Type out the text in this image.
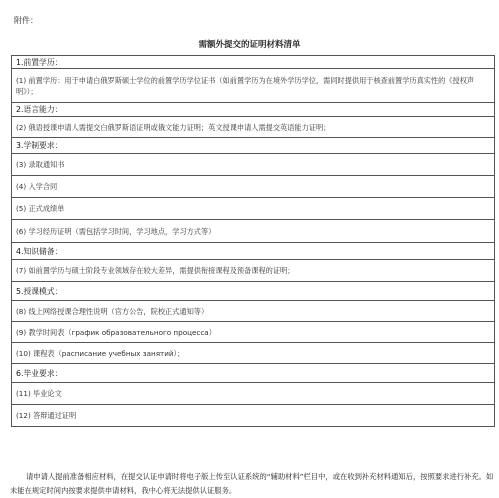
附件：
需额外提交的证明材料清单
1.前置学历：
(1) 前置学历：用于申请白俄罗斯硕士学位的前置学历学位证书（如前置学历为在境外学历学位，需同时提供用于核查前置学历真实性的《授权声明》）；
2.语言能力：
(2) 俄语授课申请人需提交白俄罗斯语证明或俄文能力证明；英文授课申请人需提交英语能力证明；
3.学制要求：
(3) 录取通知书
(4) 入学合同
(5) 正式成绩单
(6) 学习经历证明（需包括学习时间，学习地点，学习方式等）
4.知识储备：
(7) 如前置学历与硕士阶段专业领域存在较大差异，需提供衔接课程及预备课程的证明；
5.授课模式：
(8) 线上网络授课合理性说明（官方公告，院校正式通知等）
(9) 教学时间表（график образовательного процесса）
(10) 课程表（расписание учебных занятий）；
6.毕业要求：
(11) 毕业论文
(12) 答辩通过证明
请申请人提前准备相应材料，在提交认证申请时将电子版上传至认证系统的“辅助材料”栏目中，或在收到补充材料通知后，按照要求进行补充。如未能在规定时间内按要求提供申请材料，我中心将无法提供认证服务。
